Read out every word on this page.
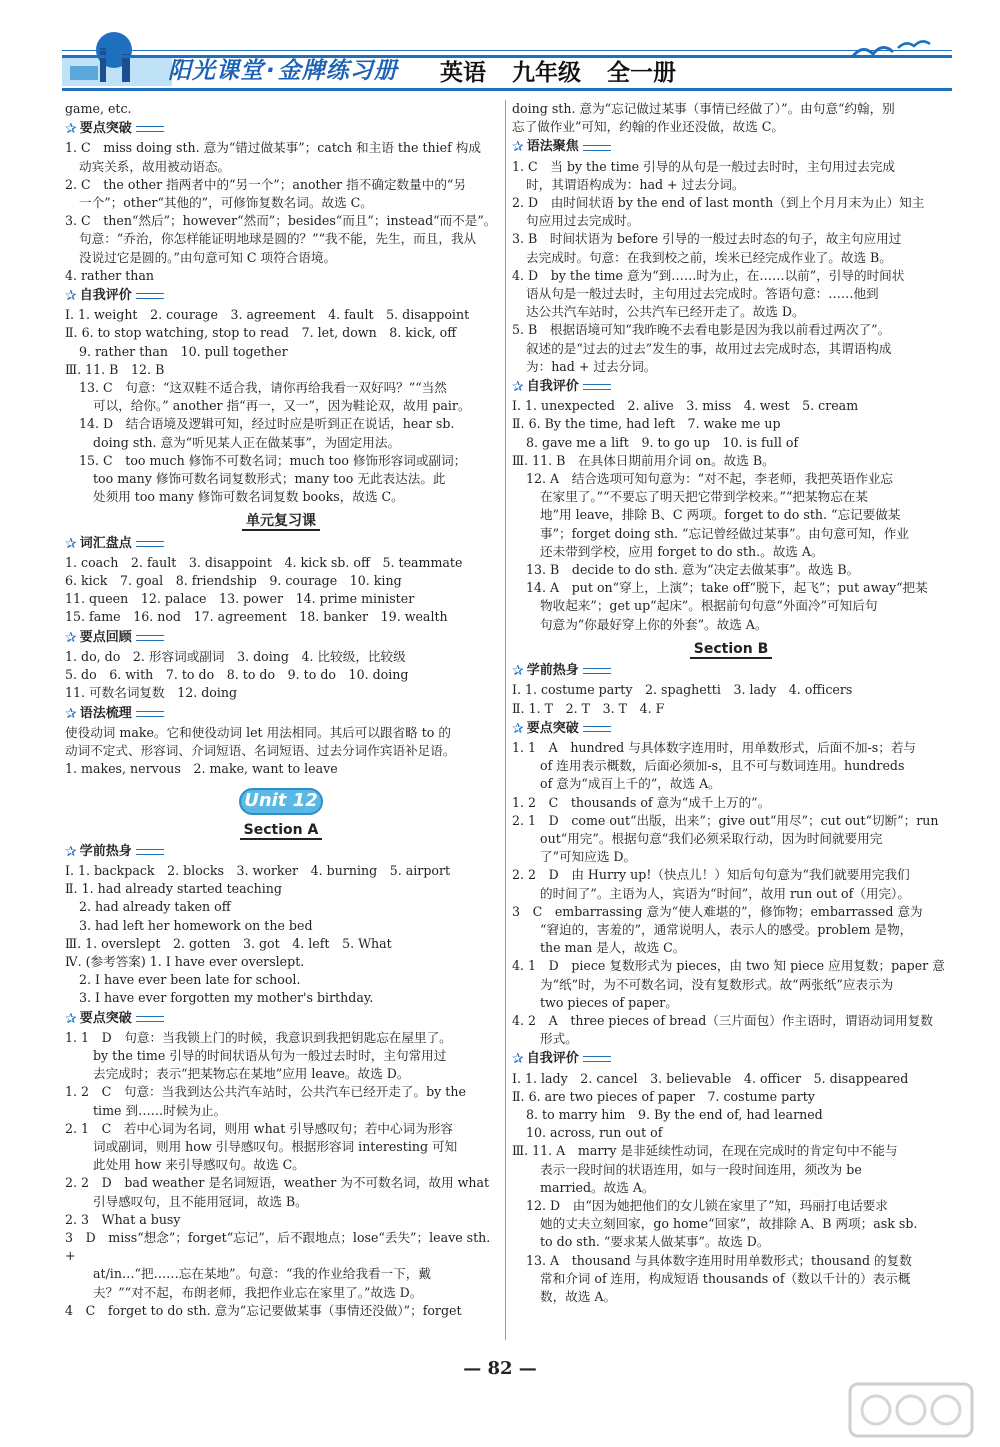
阳光课堂·金牌练习册 英语 九年级 全一册

game, etc.

✰ 要点突破

1. C　miss doing sth. 意为“错过做某事”；catch 和主语 the thief 构成

动宾关系，故用被动语态。

2. C　the other 指两者中的“另一个”；another 指不确定数量中的“另

一个”；other“其他的”，可修饰复数名词。故选 C。

3. C　then“然后”；however“然而”；besides“而且”；instead“而不是”。

句意：“乔治，你怎样能证明地球是圆的？”“我不能，先生，而且，我从

没说过它是圆的。”由句意可知 C 项符合语境。

4. rather than

✰ 自我评价

Ⅰ. 1. weight　2. courage　3. agreement　4. fault　5. disappoint

Ⅱ. 6. to stop watching, stop to read　7. let, down　8. kick, off

9. rather than　10. pull together

Ⅲ. 11. B　12. B

13. C　句意：“这双鞋不适合我，请你再给我看一双好吗？”“当然

可以，给你。” another 指“再一，又一”，因为鞋论双，故用 pair。

14. D　结合语境及逻辑可知，经过时应是听到正在说话，hear sb.

doing sth. 意为“听见某人正在做某事”，为固定用法。

15. C　too much 修饰不可数名词；much too 修饰形容词或副词；

too many 修饰可数名词复数形式；many too 无此表达法。此

处须用 too many 修饰可数名词复数 books，故选 C。

单元复习课
✰ 词汇盘点

1. coach　2. fault　3. disappoint　4. kick sb. off　5. teammate

6. kick　7. goal　8. friendship　9. courage　10. king

11. queen　12. palace　13. power　14. prime minister

15. fame　16. nod　17. agreement　18. banker　19. wealth

✰ 要点回顾

1. do, do　2. 形容词或副词　3. doing　4. 比较级，比较级

5. do　6. with　7. to do　8. to do　9. to do　10. doing

11. 可数名词复数　12. doing

✰ 语法梳理

使役动词 make。它和使役动词 let 用法相同。其后可以跟省略 to 的

动词不定式、形容词、介词短语、名词短语、过去分词作宾语补足语。

1. makes, nervous　2. make, want to leave

Unit 12
Section A
✰ 学前热身

Ⅰ. 1. backpack　2. blocks　3. worker　4. burning　5. airport

Ⅱ. 1. had already started teaching

2. had already taken off

3. had left her homework on the bed

Ⅲ. 1. overslept　2. gotten　3. got　4. left　5. What

Ⅳ. (参考答案) 1. I have ever overslept.

2. I have ever been late for school.

3. I have ever forgotten my mother's birthday.

✰ 要点突破

1. 1　D　句意：当我锁上门的时候，我意识到我把钥匙忘在屋里了。

by the time 引导的时间状语从句为一般过去时时，主句常用过

去完成时；表示“把某物忘在某地”应用 leave。故选 D。

1. 2　C　句意：当我到达公共汽车站时，公共汽车已经开走了。by the

time 到……时候为止。

2. 1　C　若中心词为名词，则用 what 引导感叹句；若中心词为形容

词或副词，则用 how 引导感叹句。根据形容词 interesting 可知

此处用 how 来引导感叹句。故选 C。

2. 2　D　bad weather 是名词短语，weather 为不可数名词，故用 what

引导感叹句，且不能用冠词，故选 B。

2. 3　What a busy

3　D　miss“想念”；forget“忘记”，后不跟地点；lose“丢失”；leave sth. +

at/in…“把……忘在某地”。句意：“我的作业给我看一下，戴

夫？”“对不起，布朗老师，我把作业忘在家里了。”故选 D。

4　C　forget to do sth. 意为“忘记要做某事（事情还没做）”；forget

doing sth. 意为“忘记做过某事（事情已经做了）”。由句意“约翰，别

忘了做作业”可知，约翰的作业还没做，故选 C。

✰ 语法聚焦

1. C　当 by the time 引导的从句是一般过去时时，主句用过去完成

时，其谓语构成为：had + 过去分词。

2. D　由时间状语 by the end of last month（到上个月月末为止）知主

句应用过去完成时。

3. B　时间状语为 before 引导的一般过去时态的句子，故主句应用过

去完成时。句意：在我到校之前，埃米已经完成作业了。故选 B。

4. D　by the time 意为“到……时为止，在……以前”，引导的时间状

语从句是一般过去时，主句用过去完成时。答语句意：……他到

达公共汽车站时，公共汽车已经开走了。故选 D。

5. B　根据语境可知“我昨晚不去看电影是因为我以前看过两次了”。

叙述的是“过去的过去”发生的事，故用过去完成时态，其谓语构成

为：had + 过去分词。

✰ 自我评价

Ⅰ. 1. unexpected　2. alive　3. miss　4. west　5. cream

Ⅱ. 6. By the time, had left　7. wake me up

8. gave me a lift　9. to go up　10. is full of

Ⅲ. 11. B　在具体日期前用介词 on。故选 B。

12. A　结合选项可知句意为：“对不起，李老师，我把英语作业忘

在家里了。”“不要忘了明天把它带到学校来。”“把某物忘在某

地”用 leave，排除 B、C 两项。forget to do sth. “忘记要做某

事”；forget doing sth. “忘记曾经做过某事”。由句意可知，作业

还未带到学校，应用 forget to do sth.。故选 A。

13. B　decide to do sth. 意为“决定去做某事”。故选 B。

14. A　put on“穿上，上演”；take off“脱下，起飞”；put away“把某

物收起来”；get up“起床”。根据前句句意“外面冷”可知后句

句意为“你最好穿上你的外套”。故选 A。

Section B
✰ 学前热身

Ⅰ. 1. costume party　2. spaghetti　3. lady　4. officers

Ⅱ. 1. T　2. T　3. T　4. F

✰ 要点突破

1. 1　A　hundred 与具体数字连用时，用单数形式，后面不加-s；若与

of 连用表示概数，后面必须加-s，且不可与数词连用。hundreds

of 意为“成百上千的”，故选 A。

1. 2　C　thousands of 意为“成千上万的”。

2. 1　D　come out“出版，出来”；give out“用尽”；cut out“切断”；run

out“用完”。根据句意“我们必须采取行动，因为时间就要用完

了”可知应选 D。

2. 2　D　由 Hurry up!（快点儿！）知后句句意为“我们就要用完我们

的时间了”。主语为人，宾语为“时间”，故用 run out of（用完）。

3　C　embarrassing 意为“使人难堪的”，修饰物；embarrassed 意为

“窘迫的，害羞的”，通常说明人，表示人的感受。problem 是物，

the man 是人，故选 C。

4. 1　D　piece 复数形式为 pieces，由 two 知 piece 应用复数；paper 意

为“纸”时，为不可数名词，没有复数形式。故“两张纸”应表示为

two pieces of paper。

4. 2　A　three pieces of bread（三片面包）作主语时，谓语动词用复数

形式。

✰ 自我评价

Ⅰ. 1. lady　2. cancel　3. believable　4. officer　5. disappeared

Ⅱ. 6. are two pieces of paper　7. costume party

8. to marry him　9. By the end of, had learned

10. across, run out of

Ⅲ. 11. A　marry 是非延续性动词，在现在完成时的肯定句中不能与

表示一段时间的状语连用，如与一段时间连用，须改为 be

married。故选 A。

12. D　由“因为她把他们的女儿锁在家里了”知，玛丽打电话要求

她的丈夫立刻回家，go home“回家”，故排除 A、B 两项；ask sb.

to do sth. “要求某人做某事”。故选 D。

13. A　thousand 与具体数字连用时用单数形式；thousand 的复数

常和介词 of 连用，构成短语 thousands of（数以千计的）表示概

数，故选 A。

— 82 —
